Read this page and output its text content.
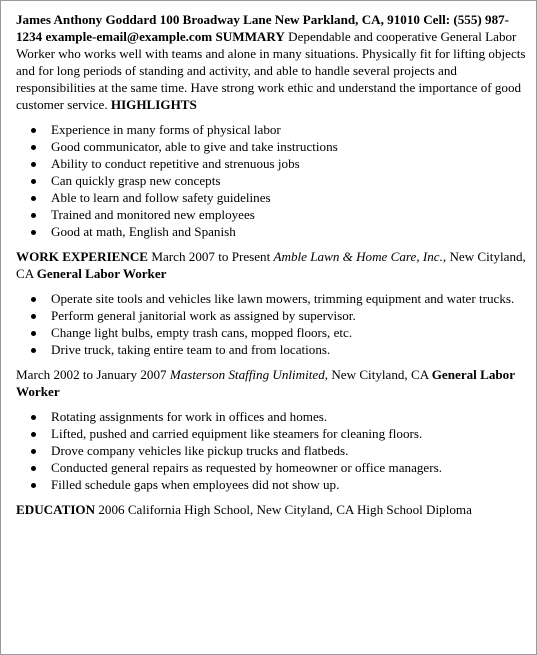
James Anthony Goddard 100 Broadway Lane New Parkland, CA, 91010 Cell: (555) 987-1234 example-email@example.com SUMMARY Dependable and cooperative General Labor Worker who works well with teams and alone in many situations. Physically fit for lifting objects and for long periods of standing and activity, and able to handle several projects and responsibilities at the same time. Have strong work ethic and understand the importance of good customer service. HIGHLIGHTS

Experience in many forms of physical labor
Good communicator, able to give and take instructions
Ability to conduct repetitive and strenuous jobs
Can quickly grasp new concepts
Able to learn and follow safety guidelines
Trained and monitored new employees
Good at math, English and Spanish

WORK EXPERIENCE March 2007 to Present Amble Lawn & Home Care, Inc., New Cityland, CA General Labor Worker

Operate site tools and vehicles like lawn mowers, trimming equipment and water trucks.
Perform general janitorial work as assigned by supervisor.
Change light bulbs, empty trash cans, mopped floors, etc.
Drive truck, taking entire team to and from locations.

March 2002 to January 2007 Masterson Staffing Unlimited, New Cityland, CA General Labor Worker

Rotating assignments for work in offices and homes.
Lifted, pushed and carried equipment like steamers for cleaning floors.
Drove company vehicles like pickup trucks and flatbeds.
Conducted general repairs as requested by homeowner or office managers.
Filled schedule gaps when employees did not show up.

EDUCATION 2006 California High School, New Cityland, CA High School Diploma
